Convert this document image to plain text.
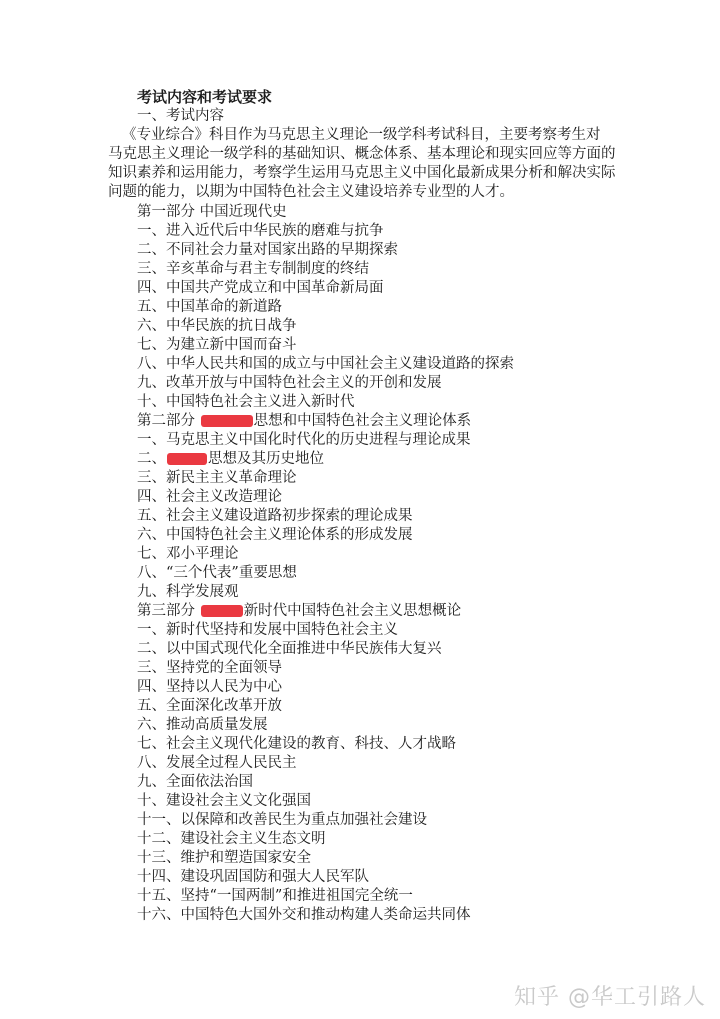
考试内容和考试要求
一、考试内容
《专业综合》科目作为马克思主义理论一级学科考试科目，主要考察考生对
马克思主义理论一级学科的基础知识、概念体系、基本理论和现实回应等方面的
知识素养和运用能力，考察学生运用马克思主义中国化最新成果分析和解决实际
问题的能力，以期为中国特色社会主义建设培养专业型的人才。
第一部分 中国近现代史
一、进入近代后中华民族的磨难与抗争
二、不同社会力量对国家出路的早期探索
三、辛亥革命与君主专制制度的终结
四、中国共产党成立和中国革命新局面
五、中国革命的新道路
六、中华民族的抗日战争
七、为建立新中国而奋斗
八、中华人民共和国的成立与中国社会主义建设道路的探索
九、改革开放与中国特色社会主义的开创和发展
十、中国特色社会主义进入新时代
第二部分	思想和中国特色社会主义理论体系
一、马克思主义中国化时代化的历史进程与理论成果
二、	思想及其历史地位
三、新民主主义革命理论
四、社会主义改造理论
五、社会主义建设道路初步探索的理论成果
六、中国特色社会主义理论体系的形成发展
七、邓小平理论
八、“三个代表”重要思想
九、科学发展观
第三部分	新时代中国特色社会主义思想概论
一、新时代坚持和发展中国特色社会主义
二、以中国式现代化全面推进中华民族伟大复兴
三、坚持党的全面领导
四、坚持以人民为中心
五、全面深化改革开放
六、推动高质量发展
七、社会主义现代化建设的教育、科技、人才战略
八、发展全过程人民民主
九、全面依法治国
十、建设社会主义文化强国
十一、以保障和改善民生为重点加强社会建设
十二、建设社会主义生态文明
十三、维护和塑造国家安全
十四、建设巩固国防和强大人民军队
十五、坚持“一国两制”和推进祖国完全统一
十六、中国特色大国外交和推动构建人类命运共同体
知乎 @华工引路人
